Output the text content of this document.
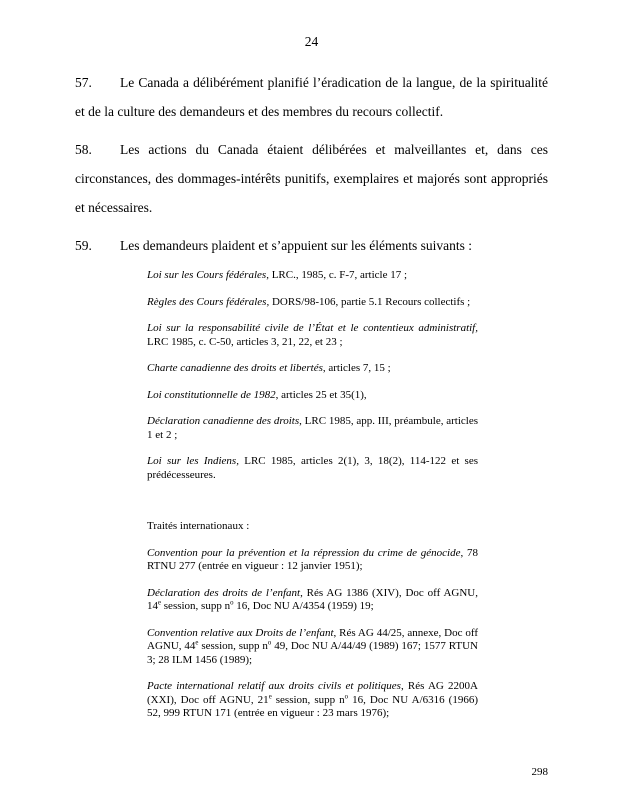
24

57. Le Canada a délibérément planifié l’éradication de la langue, de la spiritualité et de la culture des demandeurs et des membres du recours collectif.

58. Les actions du Canada étaient délibérées et malveillantes et, dans ces circonstances, des dommages-intérêts punitifs, exemplaires et majorés sont appropriés et nécessaires.

59. Les demandeurs plaident et s’appuient sur les éléments suivants :

Loi sur les Cours fédérales, LRC., 1985, c. F-7, article 17 ;
Règles des Cours fédérales, DORS/98-106, partie 5.1 Recours collectifs ;
Loi sur la responsabilité civile de l’État et le contentieux administratif, LRC 1985, c. C-50, articles 3, 21, 22, et 23 ;
Charte canadienne des droits et libertés, articles 7, 15 ;
Loi constitutionnelle de 1982, articles 25 et 35(1),
Déclaration canadienne des droits, LRC 1985, app. III, préambule, articles 1 et 2 ;
Loi sur les Indiens, LRC 1985, articles 2(1), 3, 18(2), 114-122 et ses prédécesseures.
Traités internationaux :
Convention pour la prévention et la répression du crime de génocide, 78 RTNU 277 (entrée en vigueur : 12 janvier 1951);
Déclaration des droits de l’enfant, Rés AG 1386 (XIV), Doc off AGNU, 14e session, supp $n^o$ 16, Doc NU A/4354 (1959) 19;
Convention relative aux Droits de l’enfant, Rés AG 44/25, annexe, Doc off AGNU, 44e session, supp $n^o$ 49, Doc NU A/44/49 (1989) 167; 1577 RTUN 3; 28 ILM 1456 (1989);
Pacte international relatif aux droits civils et politiques, Rés AG 2200A (XXI), Doc off AGNU, 21e session, supp $n^o$ 16, Doc NU A/6316 (1966) 52, 999 RTUN 171 (entrée en vigueur : 23 mars 1976);
298
